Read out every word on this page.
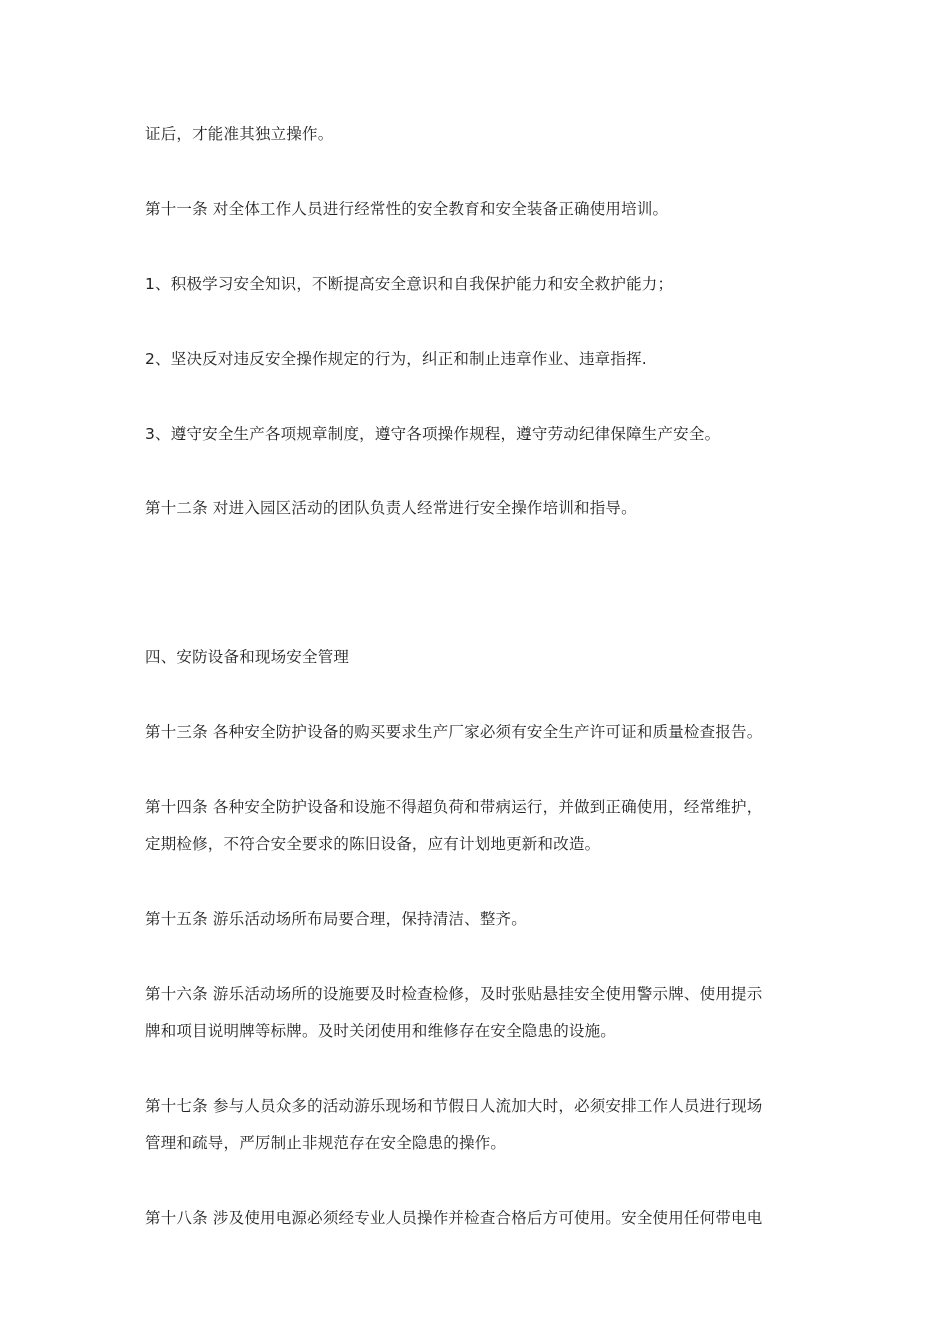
证后，才能准其独立操作。
第十一条 对全体工作人员进行经常性的安全教育和安全装备正确使用培训。
1、积极学习安全知识，不断提高安全意识和自我保护能力和安全救护能力；
2、坚决反对违反安全操作规定的行为，纠正和制止违章作业、违章指挥.
3、遵守安全生产各项规章制度，遵守各项操作规程，遵守劳动纪律保障生产安全。
第十二条 对进入园区活动的团队负责人经常进行安全操作培训和指导。
四、安防设备和现场安全管理
第十三条 各种安全防护设备的购买要求生产厂家必须有安全生产许可证和质量检查报告。
第十四条 各种安全防护设备和设施不得超负荷和带病运行，并做到正确使用，经常维护，
定期检修，不符合安全要求的陈旧设备，应有计划地更新和改造。
第十五条 游乐活动场所布局要合理，保持清洁、整齐。
第十六条 游乐活动场所的设施要及时检查检修，及时张贴悬挂安全使用警示牌、使用提示
牌和项目说明牌等标牌。及时关闭使用和维修存在安全隐患的设施。
第十七条 参与人员众多的活动游乐现场和节假日人流加大时，必须安排工作人员进行现场
管理和疏导，严厉制止非规范存在安全隐患的操作。
第十八条 涉及使用电源必须经专业人员操作并检查合格后方可使用。安全使用任何带电电
